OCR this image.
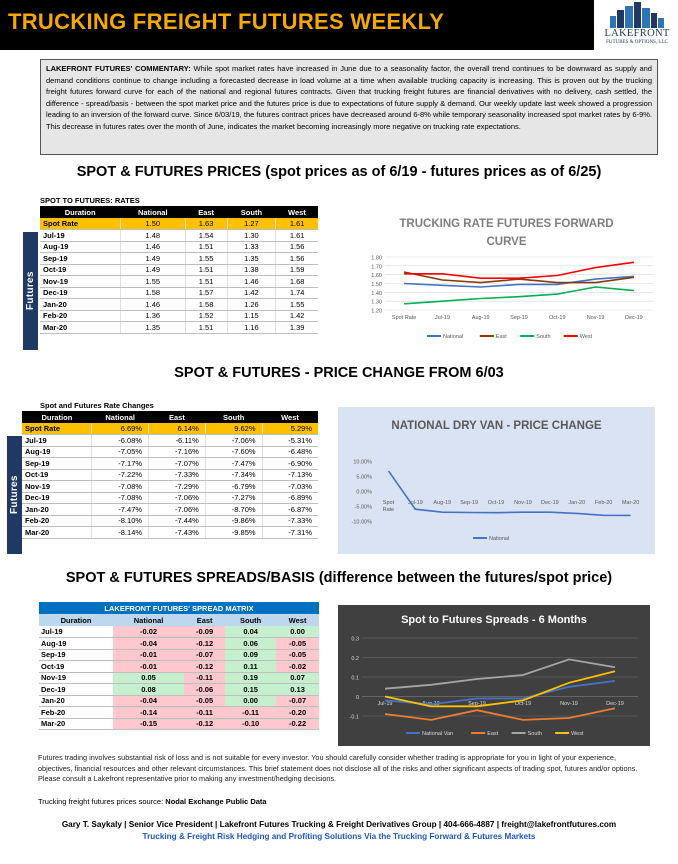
TRUCKING FREIGHT FUTURES WEEKLY	LAKEFRONT
FUTURES & OPTIONS, LLC
LAKEFRONT FUTURES' COMMENTARY: While spot market rates have increased in June due to a seasonality factor, the overall trend continues to be downward as supply and demand conditions continue to change including a forecasted decrease in load volume at a time when available trucking capacity is increasing. This is proven out by the trucking freight futures forward curve for each of the national and regional futures contracts. Given that trucking freight futures are financial derivatives with no delivery, cash settled, the difference - spread/basis - between the spot market price and the futures price is due to expectations of future supply & demand. Our weekly update last week showed a progression leading to an inversion of the forward curve. Since 6/03/19, the futures contract prices have decreased around 6-8% while temporary seasonality increased spot market rates by 6-9%. This decrease in futures rates over the month of June, indicates the market becoming increasingly more negative on trucking rate expectations.
SPOT & FUTURES PRICES (spot prices as of 6/19 - futures prices as of 6/25)
SPOT TO FUTURES: RATES
Futures
Duration	National	East	South	West
Spot Rate	1.50	1.63	1.27	1.61
Jul-19	1.48	1.54	1.30	1.61
Aug-19	1.46	1.51	1.33	1.56
Sep-19	1.49	1.55	1.35	1.56
Oct-19	1.49	1.51	1.38	1.59
Nov-19	1.55	1.51	1.46	1.68
Dec-19	1.58	1.57	1.42	1.74
Jan-20	1.46	1.58	1.26	1.55
Feb-20	1.36	1.52	1.15	1.42
Mar-20	1.35	1.51	1.16	1.39
TRUCKING RATE FUTURES FORWARD
CURVE
1.80
1.70
1.60
1.50
1.40
1.30
1.20
Spot Rate	Jul-19	Aug-19	Sep-19	Oct-19	Nov-19	Dec-19
National	East	South	West
SPOT & FUTURES - PRICE CHANGE FROM 6/03
Spot and Futures Rate Changes
Futures
Duration	National	East	South	West
Spot Rate	6.69%	6.14%	9.62%	5.29%
Jul-19	-6.08%	-6.11%	-7.06%	-5.31%
Aug-19	-7.05%	-7.16%	-7.60%	-6.48%
Sep-19	-7.17%	-7.07%	-7.47%	-6.90%
Oct-19	-7.22%	-7.33%	-7.34%	-7.13%
Nov-19	-7.08%	-7.29%	-6.79%	-7.03%
Dec-19	-7.08%	-7.06%	-7.27%	-6.89%
Jan-20	-7.47%	-7.06%	-8.70%	-6.87%
Feb-20	-8.10%	-7.44%	-9.86%	-7.33%
Mar-20	-8.14%	-7.43%	-9.85%	-7.31%
NATIONAL DRY VAN - PRICE CHANGE
10.00%
5.00%
0.00%
-5.00%
-10.00%
Spot
Rate
Jul-19 Aug-19 Sep-19 Oct-19 Nov-19 Dec-19 Jan-20 Feb-20 Mar-20
National
SPOT & FUTURES SPREADS/BASIS (difference between the futures/spot price)
LAKEFRONT FUTURES' SPREAD MATRIX				
Duration	National	East	South	West
Jul-19	-0.02	-0.09	0.04	0.00
Aug-19	-0.04	-0.12	0.06	-0.05
Sep-19	-0.01	-0.07	0.09	-0.05
Oct-19	-0.01	-0.12	0.11	-0.02
Nov-19	0.05	-0.11	0.19	0.07
Dec-19	0.08	-0.06	0.15	0.13
Jan-20	-0.04	-0.05	0.00	-0.07
Feb-20	-0.14	-0.11	-0.11	-0.20
Mar-20	-0.15	-0.12	-0.10	-0.22
Spot to Futures Spreads - 6 Months
0.3
0.2
0.1
0
-0.1
Jul-19	Aug-19	Sep-19	Oct-19	Nov-19	Dec-19
National Van	East	South	West
Futures trading involves substantial risk of loss and is not suitable for every investor. You should carefully consider whether trading is appropriate for you in light of your experience, objectives, financial resources and other relevant circumstances. This brief statement does not disclose all of the risks and other significant aspects of trading spot, futures and/or options. Please consult a Lakefront representative prior to making any investment/hedging decisions.
Trucking freight futures prices source: Nodal Exchange Public Data
Gary T. Saykaly | Senior Vice President | Lakefront Futures Trucking & Freight Derivatives Group | 404-666-4887 | freight@lakefrontfutures.com
Trucking & Freight Risk Hedging and Profiting Solutions Via the Trucking Forward & Futures Markets
